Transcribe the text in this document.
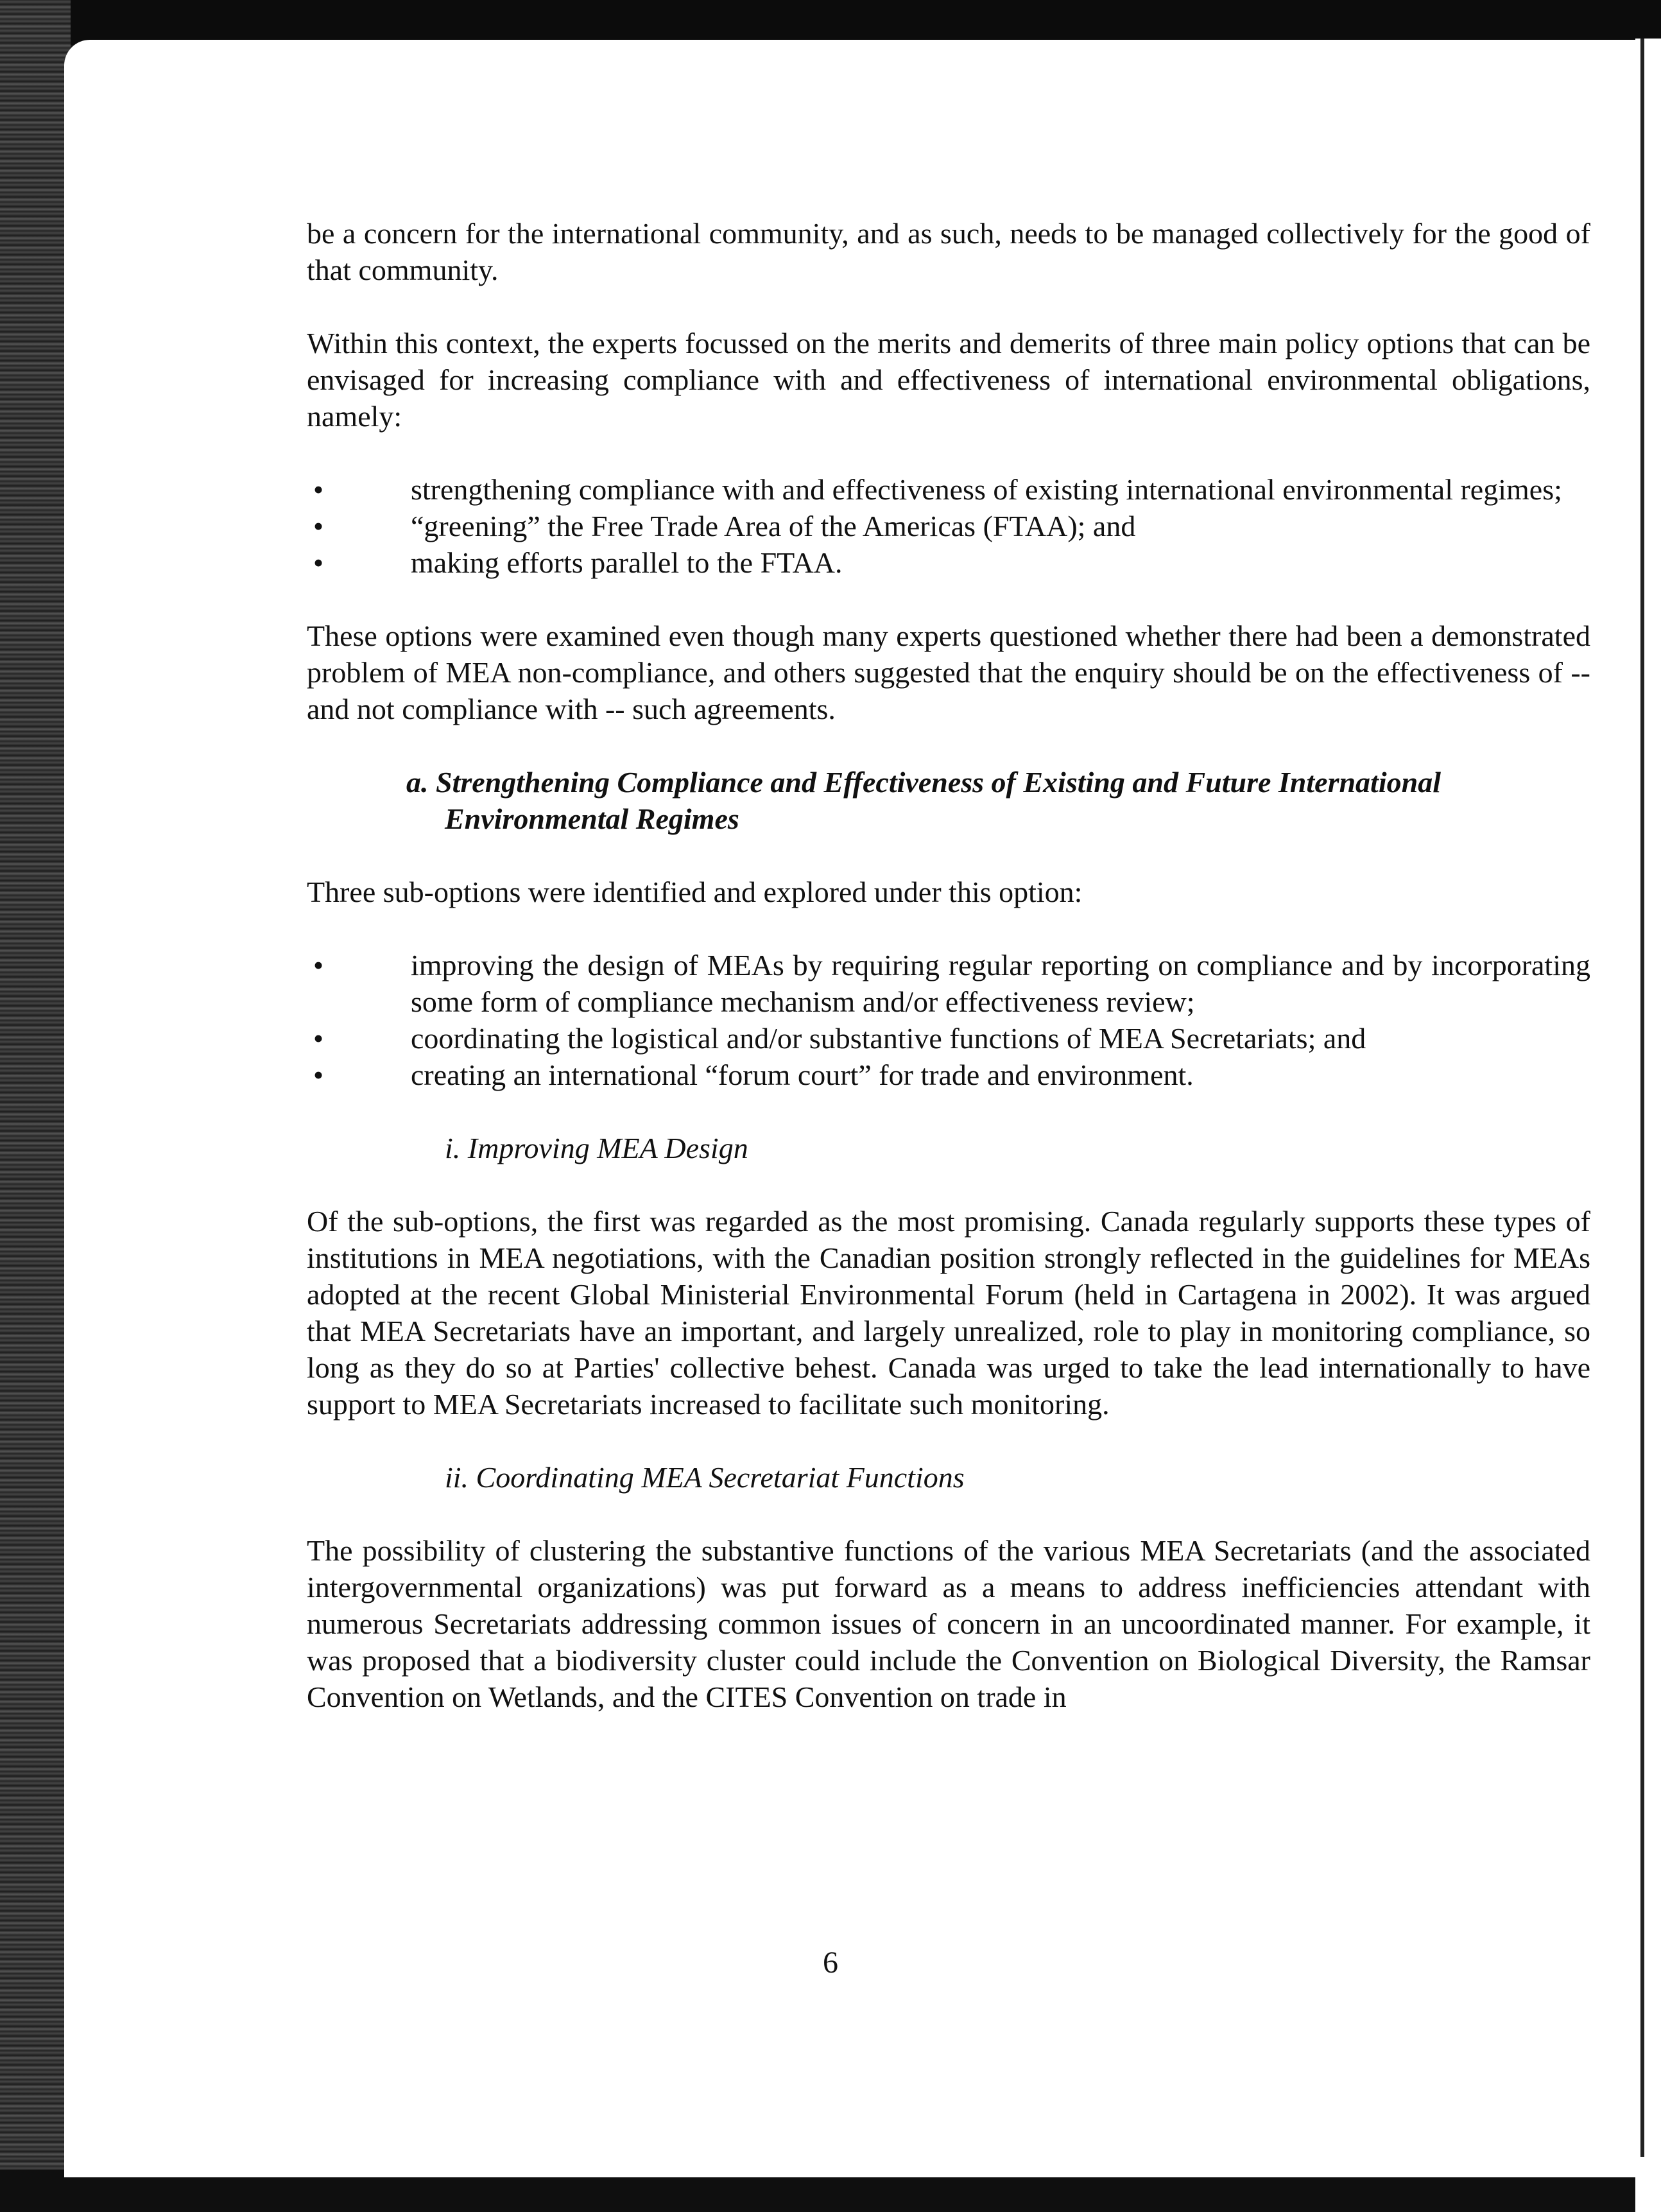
be a concern for the international community, and as such, needs to be managed collectively for the good of that community.

Within this context, the experts focussed on the merits and demerits of three main policy options that can be envisaged for increasing compliance with and effectiveness of international environmental obligations, namely:

•	strengthening compliance with and effectiveness of existing international environmental regimes;
•	“greening” the Free Trade Area of the Americas (FTAA); and
•	making efforts parallel to the FTAA.

These options were examined even though many experts questioned whether there had been a demonstrated problem of MEA non-compliance, and others suggested that the enquiry should be on the effectiveness of -- and not compliance with -- such agreements.

a. Strengthening Compliance and Effectiveness of Existing and Future International
Environmental Regimes

Three sub-options were identified and explored under this option:

•	improving the design of MEAs by requiring regular reporting on compliance and by incorporating some form of compliance mechanism and/or effectiveness review;
•	coordinating the logistical and/or substantive functions of MEA Secretariats; and
•	creating an international “forum court” for trade and environment.

i. Improving MEA Design

Of the sub-options, the first was regarded as the most promising. Canada regularly supports these types of institutions in MEA negotiations, with the Canadian position strongly reflected in the guidelines for MEAs adopted at the recent Global Ministerial Environmental Forum (held in Cartagena in 2002). It was argued that MEA Secretariats have an important, and largely unrealized, role to play in monitoring compliance, so long as they do so at Parties' collective behest. Canada was urged to take the lead internationally to have support to MEA Secretariats increased to facilitate such monitoring.

ii. Coordinating MEA Secretariat Functions

The possibility of clustering the substantive functions of the various MEA Secretariats (and the associated intergovernmental organizations) was put forward as a means to address inefficiencies attendant with numerous Secretariats addressing common issues of concern in an uncoordinated manner. For example, it was proposed that a biodiversity cluster could include the Convention on Biological Diversity, the Ramsar Convention on Wetlands, and the CITES Convention on trade in

6
